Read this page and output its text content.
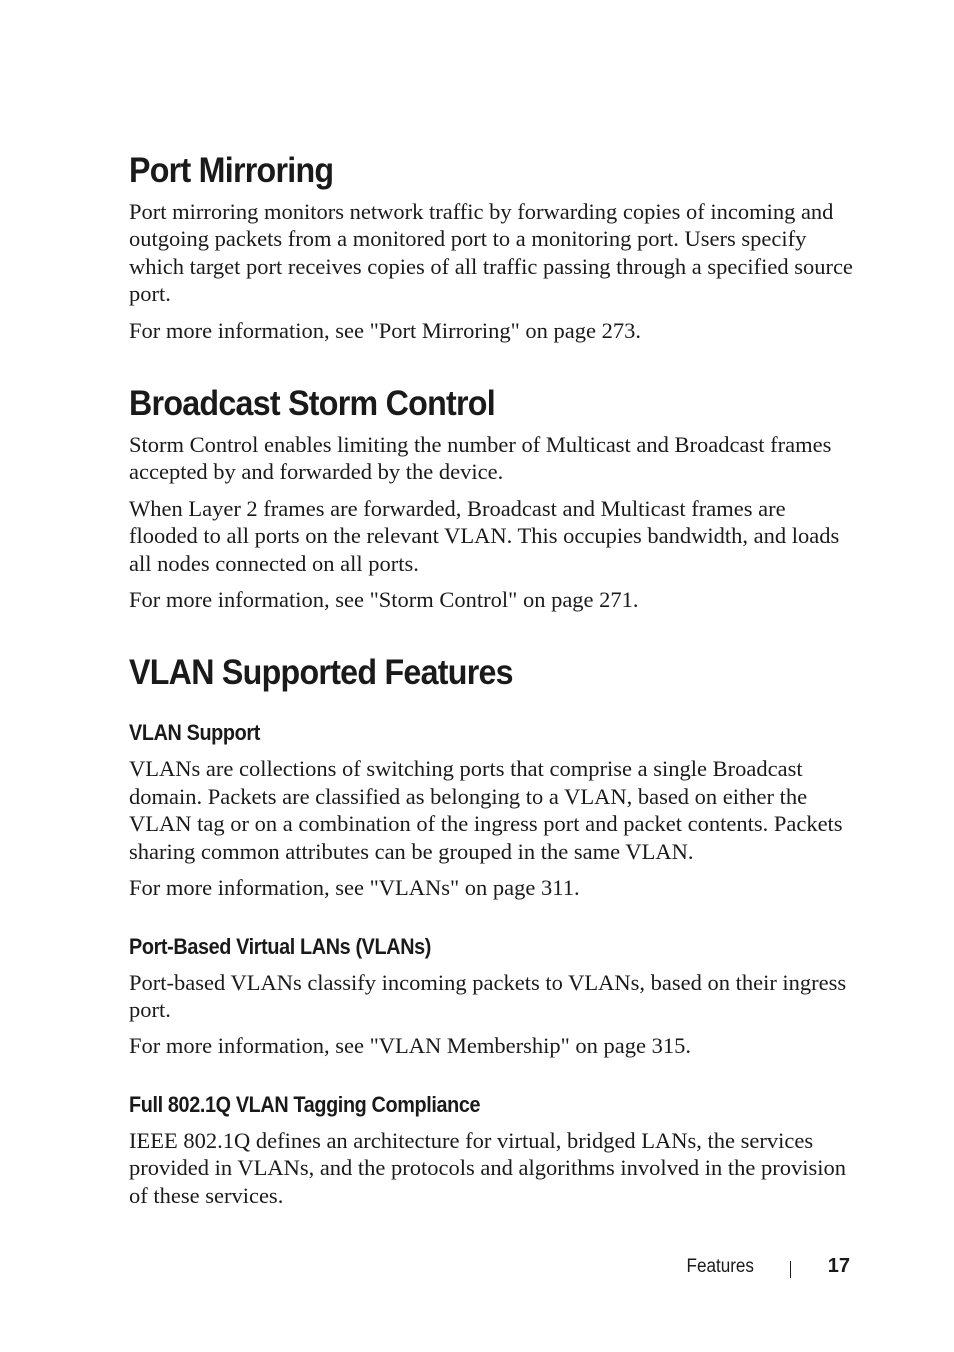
Port Mirroring

Port mirroring monitors network traffic by forwarding copies of incoming and outgoing packets from a monitored port to a monitoring port. Users specify which target port receives copies of all traffic passing through a specified source port.

For more information, see "Port Mirroring" on page 273.

Broadcast Storm Control

Storm Control enables limiting the number of Multicast and Broadcast frames accepted by and forwarded by the device.

When Layer 2 frames are forwarded, Broadcast and Multicast frames are flooded to all ports on the relevant VLAN. This occupies bandwidth, and loads all nodes connected on all ports.

For more information, see "Storm Control" on page 271.

VLAN Supported Features
VLAN Support

VLANs are collections of switching ports that comprise a single Broadcast domain. Packets are classified as belonging to a VLAN, based on either the VLAN tag or on a combination of the ingress port and packet contents. Packets sharing common attributes can be grouped in the same VLAN.

For more information, see "VLANs" on page 311.

Port-Based Virtual LANs (VLANs)

Port-based VLANs classify incoming packets to VLANs, based on their ingress port.

For more information, see "VLAN Membership" on page 315.

Full 802.1Q VLAN Tagging Compliance

IEEE 802.1Q defines an architecture for virtual, bridged LANs, the services provided in VLANs, and the protocols and algorithms involved in the provision of these services.

Features	17
